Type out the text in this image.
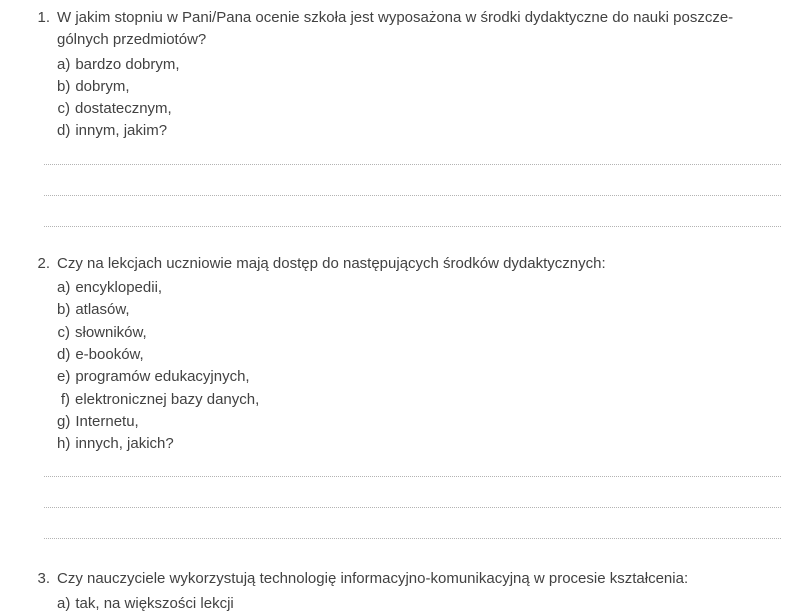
1. W jakim stopniu w Pani/Pana ocenie szkoła jest wyposażona w środki dydaktyczne do nauki poszcze-
gólnych przedmiotów?
a) bardzo dobrym,
b) dobrym,
c) dostatecznym,
d) innym, jakim?
2. Czy na lekcjach uczniowie mają dostęp do następujących środków dydaktycznych:
a) encyklopedii,
b) atlasów,
c) słowników,
d) e-booków,
e) programów edukacyjnych,
f) elektronicznej bazy danych,
g) Internetu,
h) innych, jakich?
3. Czy nauczyciele wykorzystują technologię informacyjno-komunikacyjną w procesie kształcenia:
a) tak, na większości lekcji
